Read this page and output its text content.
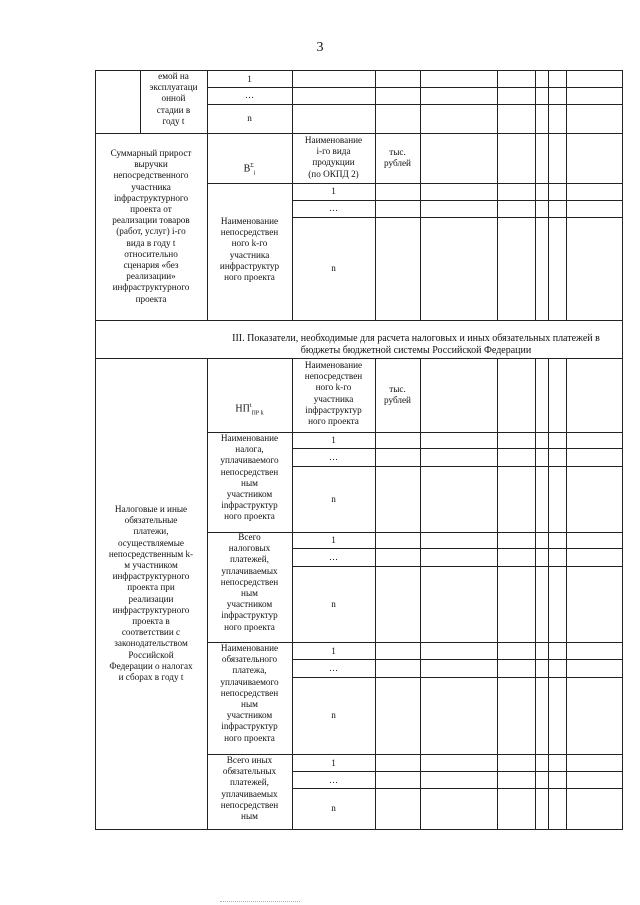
3
емой на
эксплуатаци
онной
стадии в
году t
1
…
n
Суммарный прирост
выручки
непосредственного
участника
inфраструктурного
проекта от
реализации товаров
(работ, услуг) i-го
вида в году t
относительно
сценария «без
реализации»
инфраструктурного
проекта

$B^\Sigma_i$

Наименование
i-го вида
продукции
(по ОКПД 2)
тыс.
рублей
Наименование
непосредствен
ного k-го
участника
инфраструктур
ного проекта
1
…
n
III. Показатели, необходимые для расчета налоговых и иных обязательных платежей в бюджеты бюджетной системы Российской Федерации
Налоговые и иные
обязательные
платежи,
осуществляемые
непосредственным k-
м участником
инфраструктурного
проекта при
реализации
инфраструктурного
проекта в
соответствии с
законодательством
Российской
Федерации о налогах
и сборах в году t

$НП^t_{ПР k}$

Наименование
непосредствен
ного k-го
участника
inфраструктур
ного проекта
тыс.
рублей
Наименование
налога,
уплачиваемого
непосредствен
ным
участником
inфраструктур
ного проекта
1
…
n
Всего
налоговых
платежей,
уплачиваемых
непосредствен
ным
участником
inфраструктур
ного проекта
1
…
n
Наименование
обязательного
платежа,
уплачиваемого
непосредствен
ным
участником
inфраструктур
ного проекта
1
…
n
Всего иных
обязательных
платежей,
уплачиваемых
непосредствен
ным
1
…
n
